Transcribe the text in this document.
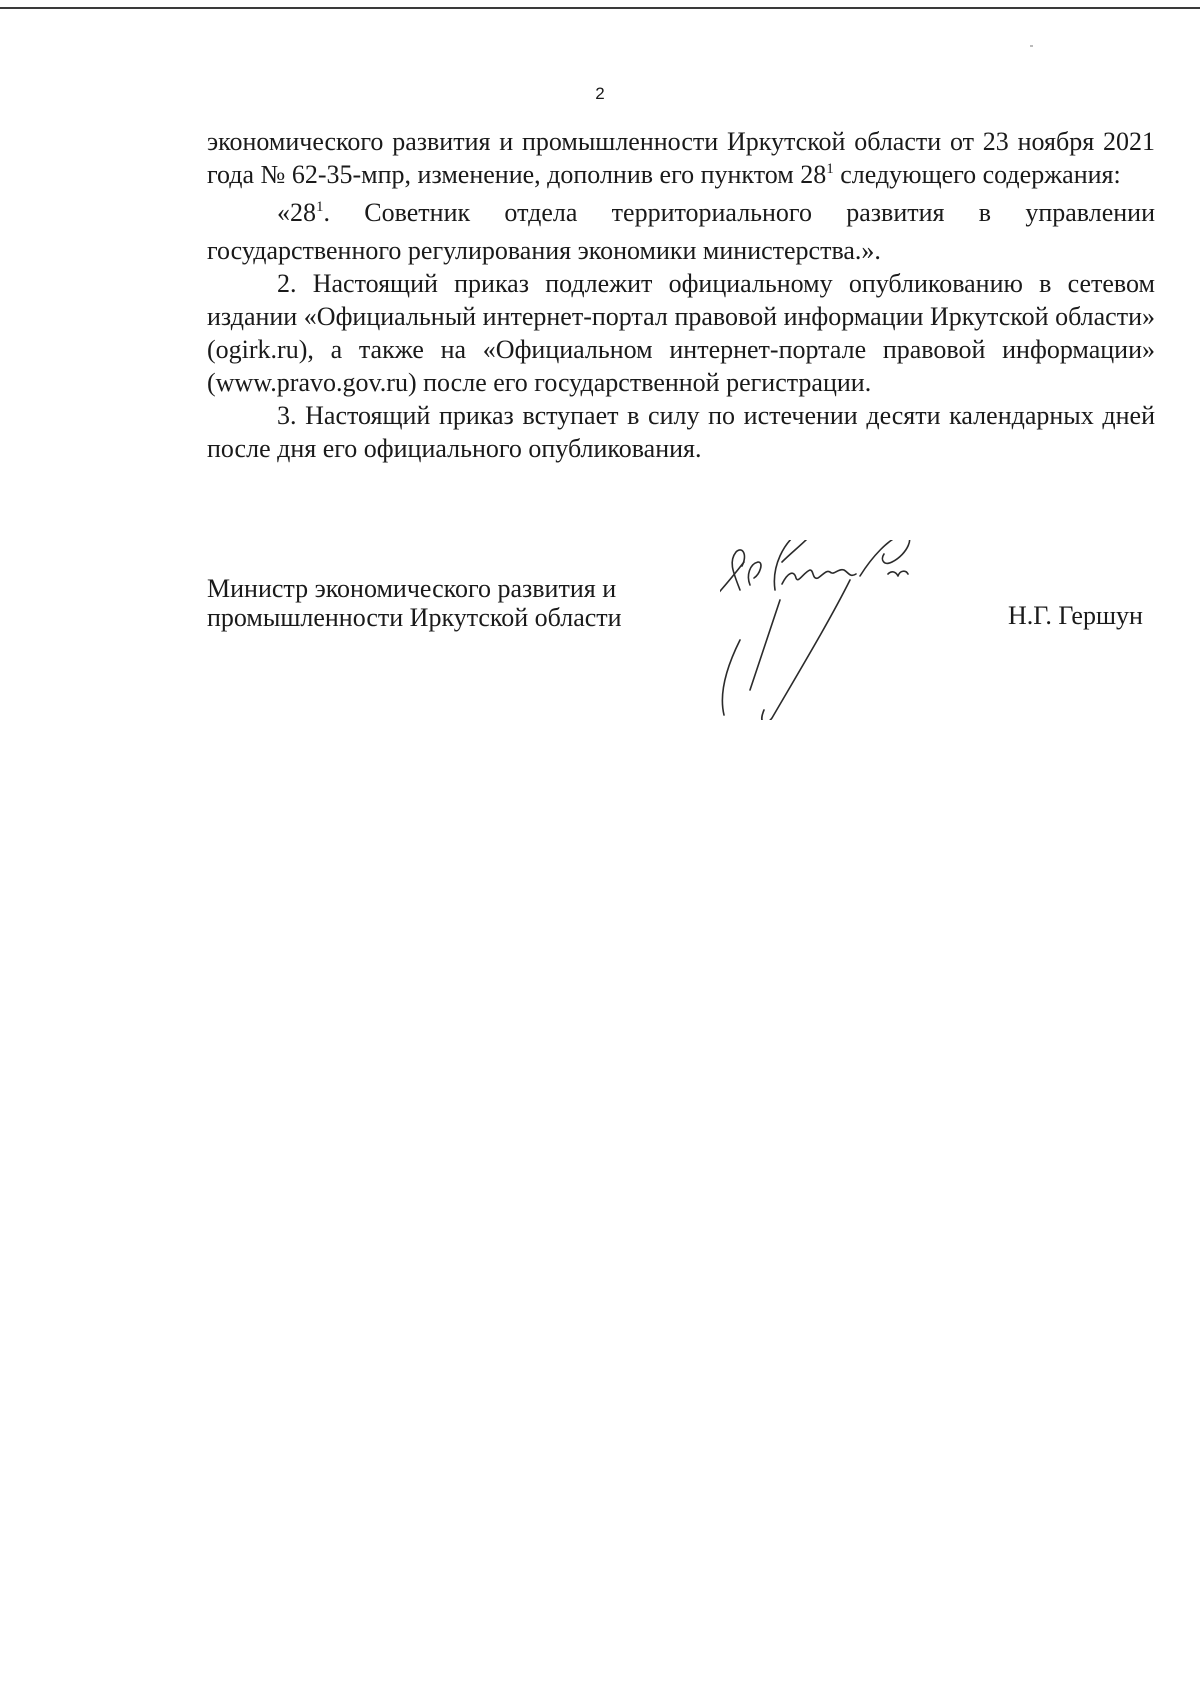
2

экономического развития и промышленности Иркутской области от 23 ноября 2021 года № 62-35-мпр, изменение, дополнив его пунктом $28^1$ следующего содержания:

«$28^1$. Советник отдела территориального развития в управлении государственного регулирования экономики министерства.».

2. Настоящий приказ подлежит официальному опубликованию в сетевом издании «Официальный интернет-портал правовой информации Иркутской области» (ogirk.ru), а также на «Официальном интернет-портале правовой информации» (www.pravo.gov.ru) после его государственной регистрации.

3. Настоящий приказ вступает в силу по истечении десяти календарных дней после дня его официального опубликования.

Министр экономического развития и
промышленности Иркутской области	Н.Г. Гершун
